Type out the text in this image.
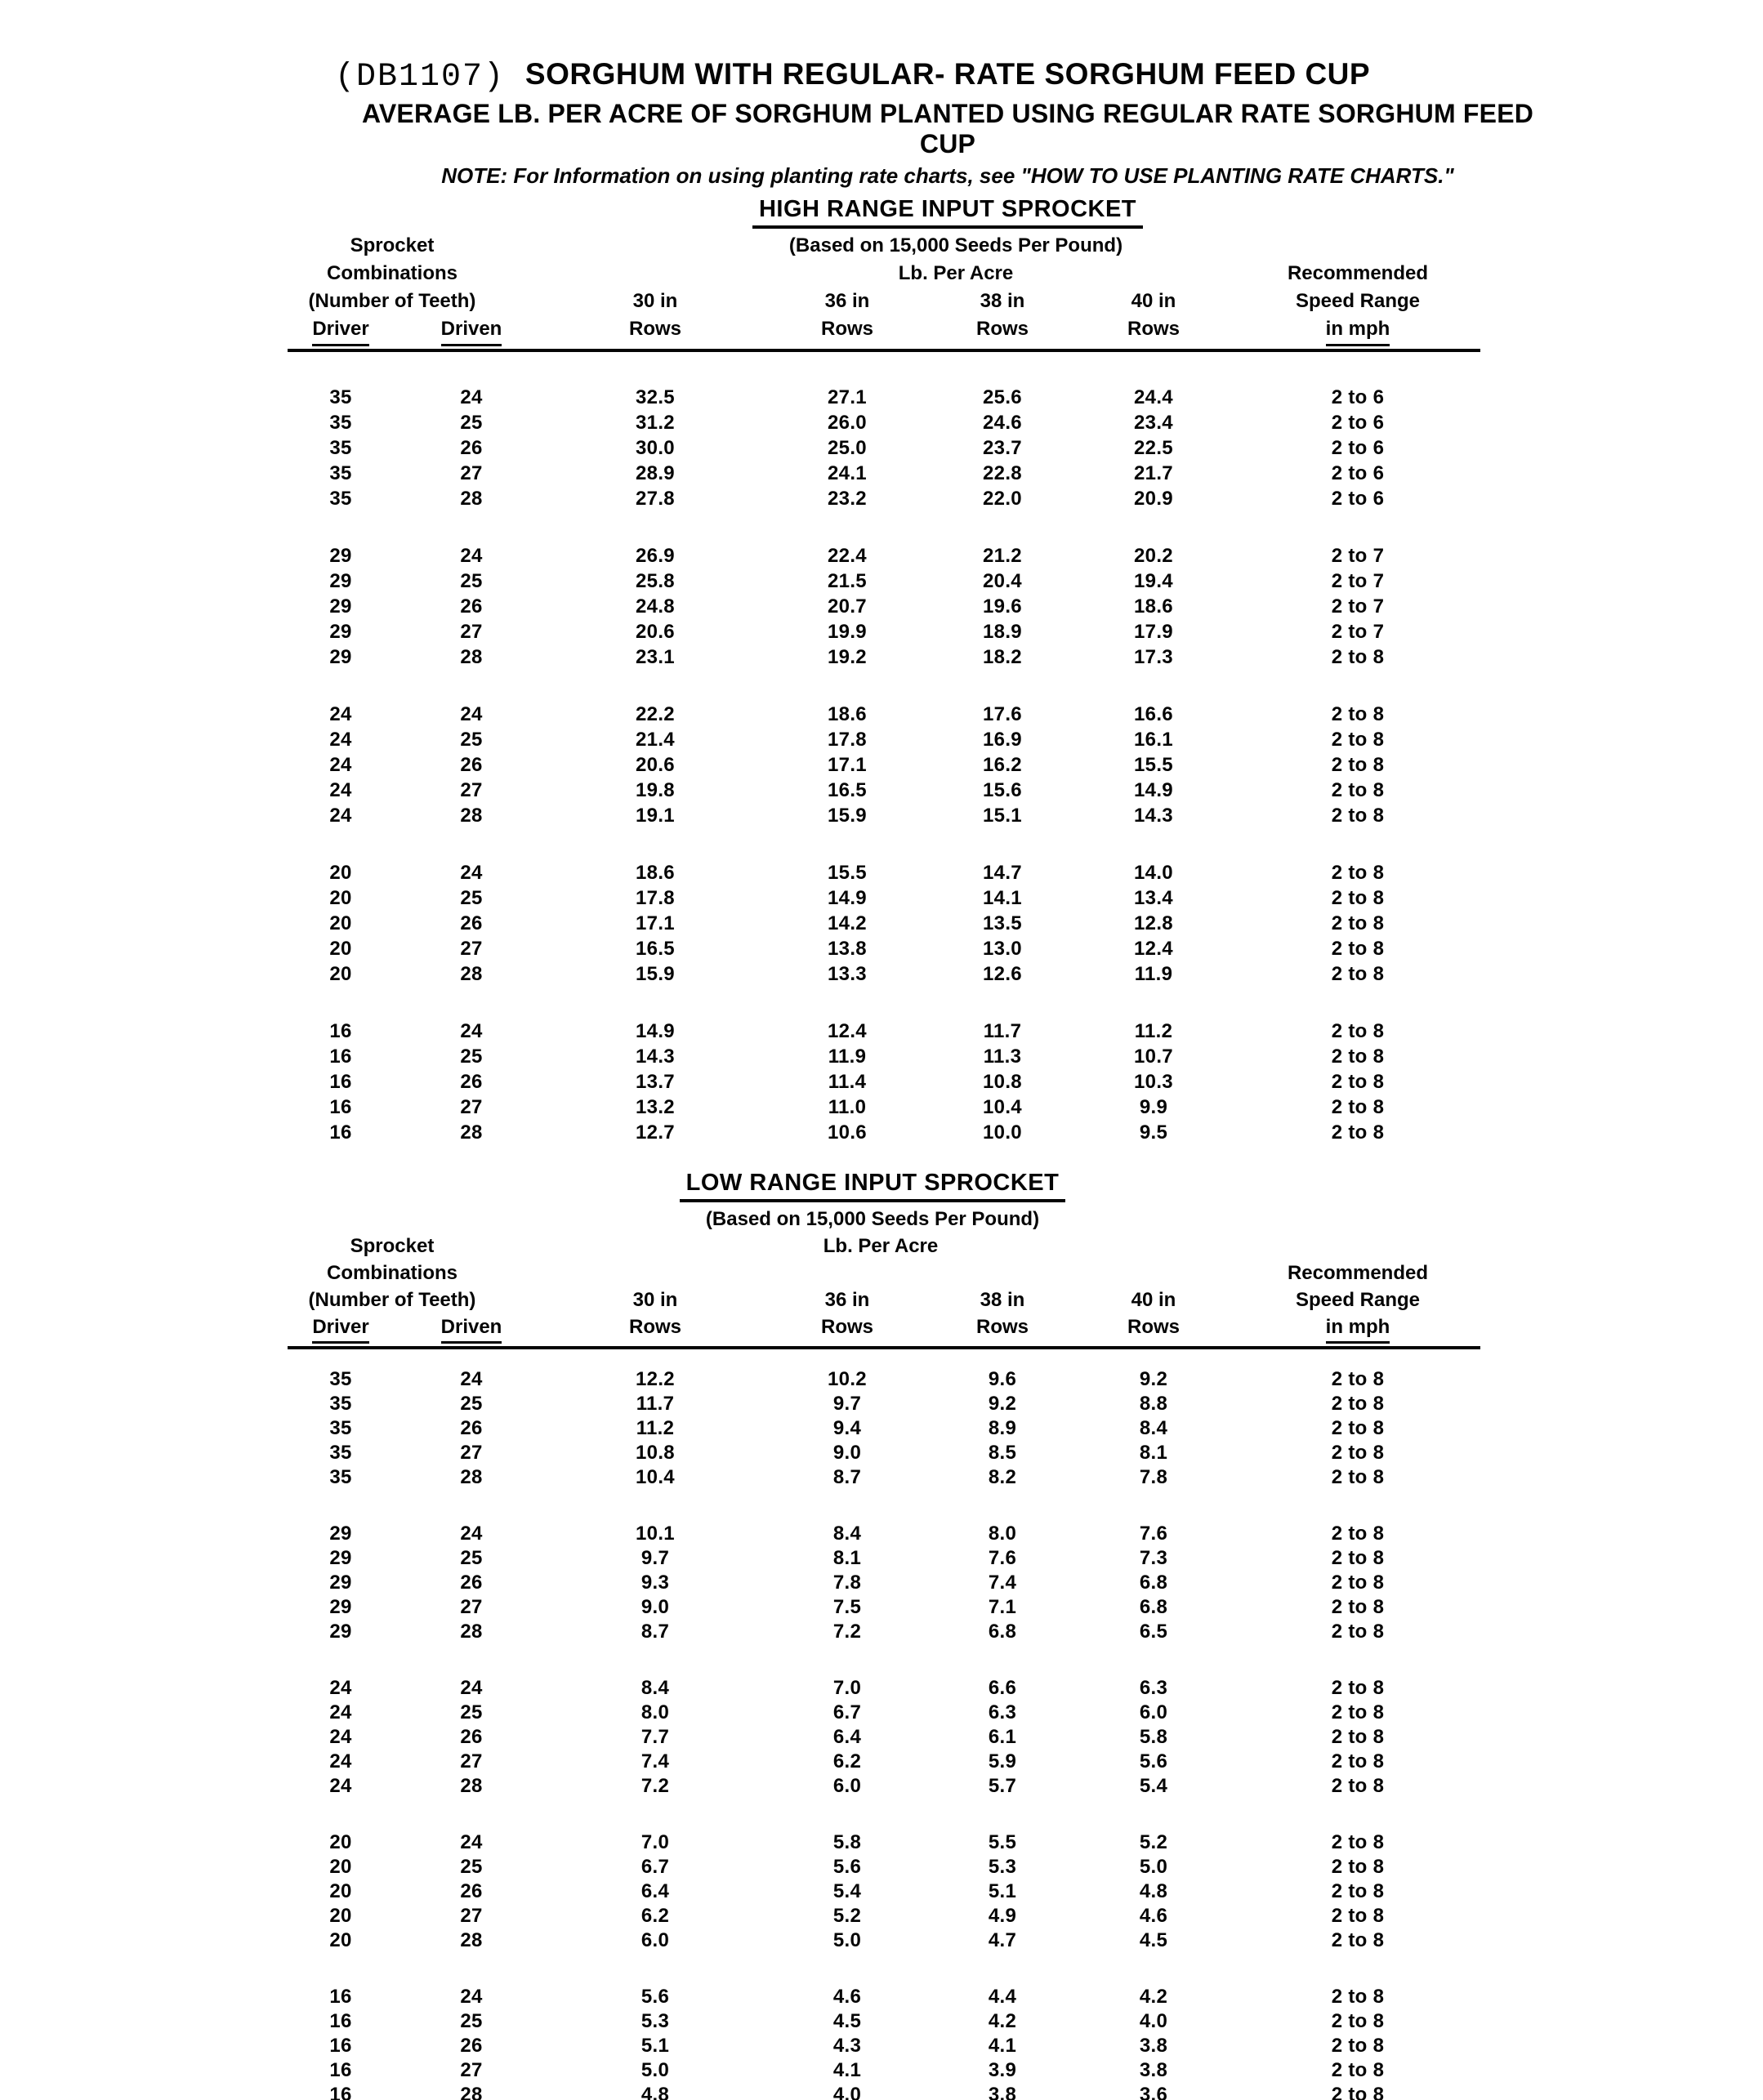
(DB1107) SORGHUM WITH REGULAR- RATE SORGHUM FEED CUP
AVERAGE LB. PER ACRE OF SORGHUM PLANTED USING REGULAR RATE SORGHUM FEED CUP
NOTE: For Information on using planting rate charts, see "HOW TO USE PLANTING RATE CHARTS."
HIGH RANGE INPUT SPROCKET
Sprocket	(Based on 15,000 Seeds Per Pound)
Combinations	Lb. Per Acre	Recommended
(Number of Teeth)	30 in	36 in	38 in	40 in	Speed Range
Driver	Driven	Rows	Rows	Rows	Rows	in mph
35	24	32.5	27.1	25.6	24.4	2 to 6
35	25	31.2	26.0	24.6	23.4	2 to 6
35	26	30.0	25.0	23.7	22.5	2 to 6
35	27	28.9	24.1	22.8	21.7	2 to 6
35	28	27.8	23.2	22.0	20.9	2 to 6
29	24	26.9	22.4	21.2	20.2	2 to 7
29	25	25.8	21.5	20.4	19.4	2 to 7
29	26	24.8	20.7	19.6	18.6	2 to 7
29	27	20.6	19.9	18.9	17.9	2 to 7
29	28	23.1	19.2	18.2	17.3	2 to 8
24	24	22.2	18.6	17.6	16.6	2 to 8
24	25	21.4	17.8	16.9	16.1	2 to 8
24	26	20.6	17.1	16.2	15.5	2 to 8
24	27	19.8	16.5	15.6	14.9	2 to 8
24	28	19.1	15.9	15.1	14.3	2 to 8
20	24	18.6	15.5	14.7	14.0	2 to 8
20	25	17.8	14.9	14.1	13.4	2 to 8
20	26	17.1	14.2	13.5	12.8	2 to 8
20	27	16.5	13.8	13.0	12.4	2 to 8
20	28	15.9	13.3	12.6	11.9	2 to 8
16	24	14.9	12.4	11.7	11.2	2 to 8
16	25	14.3	11.9	11.3	10.7	2 to 8
16	26	13.7	11.4	10.8	10.3	2 to 8
16	27	13.2	11.0	10.4	9.9	2 to 8
16	28	12.7	10.6	10.0	9.5	2 to 8
LOW RANGE INPUT SPROCKET
(Based on 15,000 Seeds Per Pound)
Sprocket	Lb. Per Acre
Combinations	Recommended
(Number of Teeth)	30 in	36 in	38 in	40 in	Speed Range
Driver	Driven	Rows	Rows	Rows	Rows	in mph
35	24	12.2	10.2	9.6	9.2	2 to 8
35	25	11.7	9.7	9.2	8.8	2 to 8
35	26	11.2	9.4	8.9	8.4	2 to 8
35	27	10.8	9.0	8.5	8.1	2 to 8
35	28	10.4	8.7	8.2	7.8	2 to 8
29	24	10.1	8.4	8.0	7.6	2 to 8
29	25	9.7	8.1	7.6	7.3	2 to 8
29	26	9.3	7.8	7.4	6.8	2 to 8
29	27	9.0	7.5	7.1	6.8	2 to 8
29	28	8.7	7.2	6.8	6.5	2 to 8
24	24	8.4	7.0	6.6	6.3	2 to 8
24	25	8.0	6.7	6.3	6.0	2 to 8
24	26	7.7	6.4	6.1	5.8	2 to 8
24	27	7.4	6.2	5.9	5.6	2 to 8
24	28	7.2	6.0	5.7	5.4	2 to 8
20	24	7.0	5.8	5.5	5.2	2 to 8
20	25	6.7	5.6	5.3	5.0	2 to 8
20	26	6.4	5.4	5.1	4.8	2 to 8
20	27	6.2	5.2	4.9	4.6	2 to 8
20	28	6.0	5.0	4.7	4.5	2 to 8
16	24	5.6	4.6	4.4	4.2	2 to 8
16	25	5.3	4.5	4.2	4.0	2 to 8
16	26	5.1	4.3	4.1	3.8	2 to 8
16	27	5.0	4.1	3.9	3.8	2 to 8
16	28	4.8	4.0	3.8	3.6	2 to 8
